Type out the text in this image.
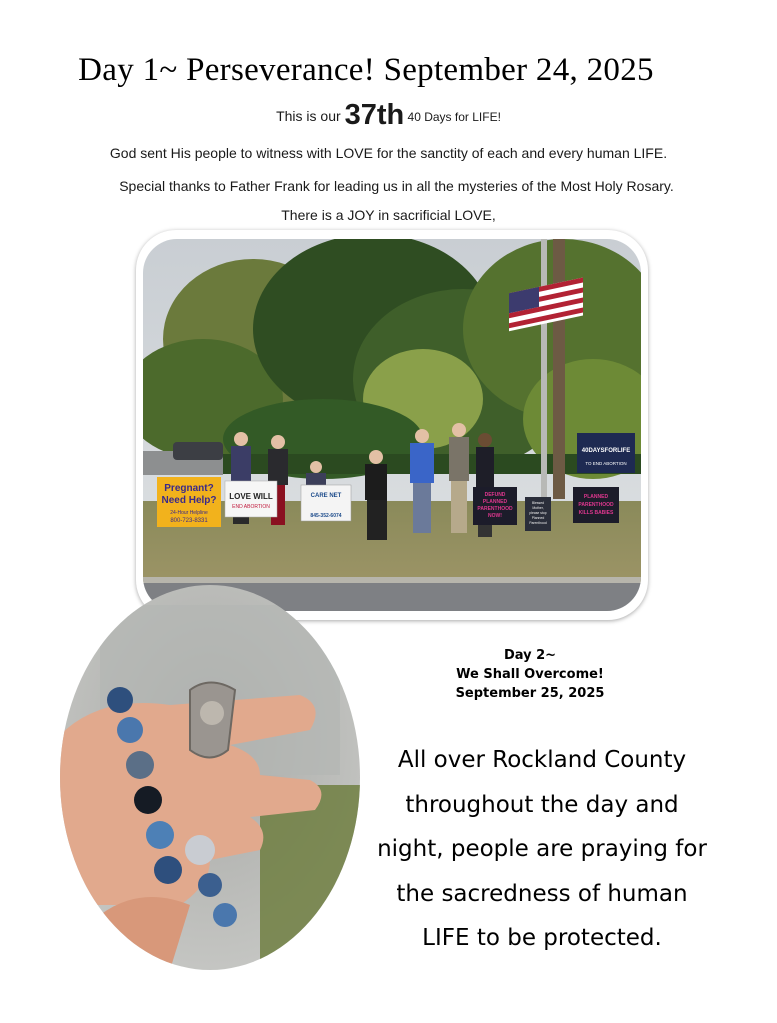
Day 1~ Perseverance! September 24, 2025
This is our 37th 40 Days for LIFE!
God sent His people to witness with LOVE for the sanctity of each and every human LIFE.
Special thanks to Father Frank for leading us in all the mysteries of the Most Holy Rosary.
There is a JOY in sacrificial LOVE,
Pregnant?
Need Help?
24-Hour Helpline
800-723-8331
LOVE WILL
END ABORTION
CARE NET
845-352-6074
DEFUND
PLANNED
PARENTHOOD
NOW!
Blessed
Mother,
please stop
Planned
Parenthood
PLANNED
PARENTHOOD
KILLS BABIES
40DAYSFORLIFE
TO END ABORTION
Day 2~
We Shall Overcome!
September 25, 2025
All over Rockland County
throughout the day and
night, people are praying for
the sacredness of human
LIFE to be protected.
